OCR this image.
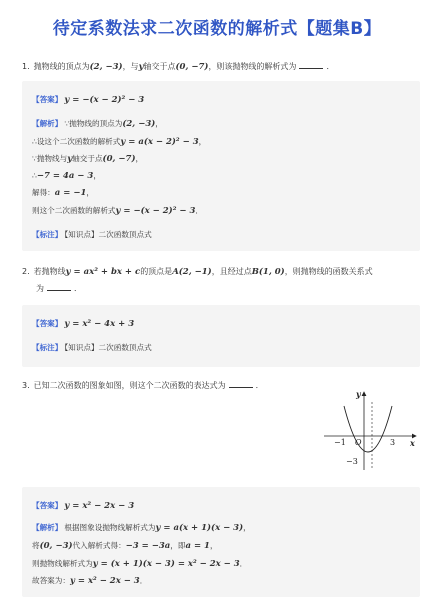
待定系数法求二次函数的解析式【题集B】
1. 抛物线的顶点为(2, −3)，与y轴交于点(0, −7)，则该抛物线的解析式为	．
【答案】 y = −(x − 2)² − 3
【解析】 ∵抛物线的顶点为(2, −3)，
∴设这个二次函数的解析式y = a(x − 2)² − 3，
∵抛物线与y轴交于点(0, −7)，
∴−7 = 4a − 3，
解得：a = −1，
则这个二次函数的解析式y = −(x − 2)² − 3．
【标注】 【知识点】二次函数顶点式
2. 若抛物线y = ax² + bx + c的顶点是A(2, −1)，且经过点B(1, 0)，则抛物线的函数关系式
为	．
【答案】 y = x² − 4x + 3
【标注】 【知识点】二次函数顶点式
3. 已知二次函数的图象如图，则这个二次函数的表达式为	．
y
x
O
−1	3
−3
【答案】 y = x² − 2x − 3
【解析】 根据图象设抛物线解析式为y = a(x + 1)(x − 3)，
将(0, −3)代入解析式得：−3 = −3a，即a = 1，
则抛物线解析式为y = (x + 1)(x − 3) = x² − 2x − 3．
故答案为：y = x² − 2x − 3．
